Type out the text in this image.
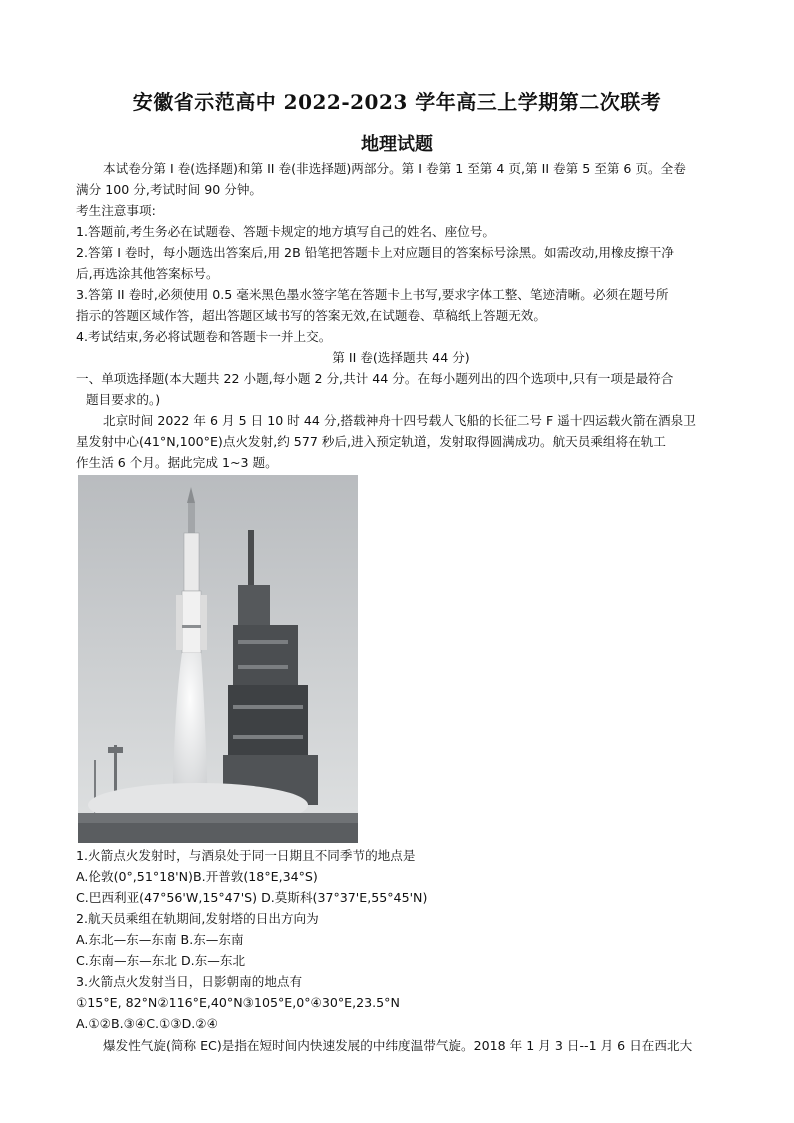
安徽省示范高中 2022-2023 学年高三上学期第二次联考
地理试题
本试卷分第 I 卷(选择题)和第 II 卷(非选择题)两部分。第 I 卷第 1 至第 4 页,第 II 卷第 5 至第 6 页。全卷
满分 100 分,考试时间 90 分钟。
考生注意事项:
1.答题前,考生务必在试题卷、答题卡规定的地方填写自己的姓名、座位号。
2.答第 I 卷时，每小题选出答案后,用 2B 铅笔把答题卡上对应题目的答案标号涂黑。如需改动,用橡皮擦干净
后,再选涂其他答案标号。
3.答第 II 卷时,必须使用 0.5 毫米黑色墨水签字笔在答题卡上书写,要求字体工整、笔迹清晰。必须在题号所
指示的答题区域作答，超出答题区域书写的答案无效,在试题卷、草稿纸上答题无效。
4.考试结束,务必将试题卷和答题卡一并上交。
第 II 卷(选择题共 44 分)
一、单项选择题(本大题共 22 小题,每小题 2 分,共计 44 分。在每小题列出的四个选项中,只有一项是最符合
题目要求的。)
北京时间 2022 年 6 月 5 日 10 时 44 分,搭载神舟十四号载人飞船的长征二号 F 遥十四运载火箭在酒泉卫
星发射中心(41°N,100°E)点火发射,约 577 秒后,进入预定轨道，发射取得圆满成功。航天员乘组将在轨工
作生活 6 个月。据此完成 1~3 题。
1.火箭点火发射时，与酒泉处于同一日期且不同季节的地点是
A.伦敦(0°,51°18'N)B.开普敦(18°E,34°S)
C.巴西利亚(47°56'W,15°47'S) D.莫斯科(37°37'E,55°45'N)
2.航天员乘组在轨期间,发射塔的日出方向为
A.东北—东—东南 B.东—东南
C.东南—东—东北 D.东—东北
3.火箭点火发射当日，日影朝南的地点有
①15°E, 82°N②116°E,40°N③105°E,0°④30°E,23.5°N
A.①②B.③④C.①③D.②④
爆发性气旋(简称 EC)是指在短时间内快速发展的中纬度温带气旋。2018 年 1 月 3 日--1 月 6 日在西北大
